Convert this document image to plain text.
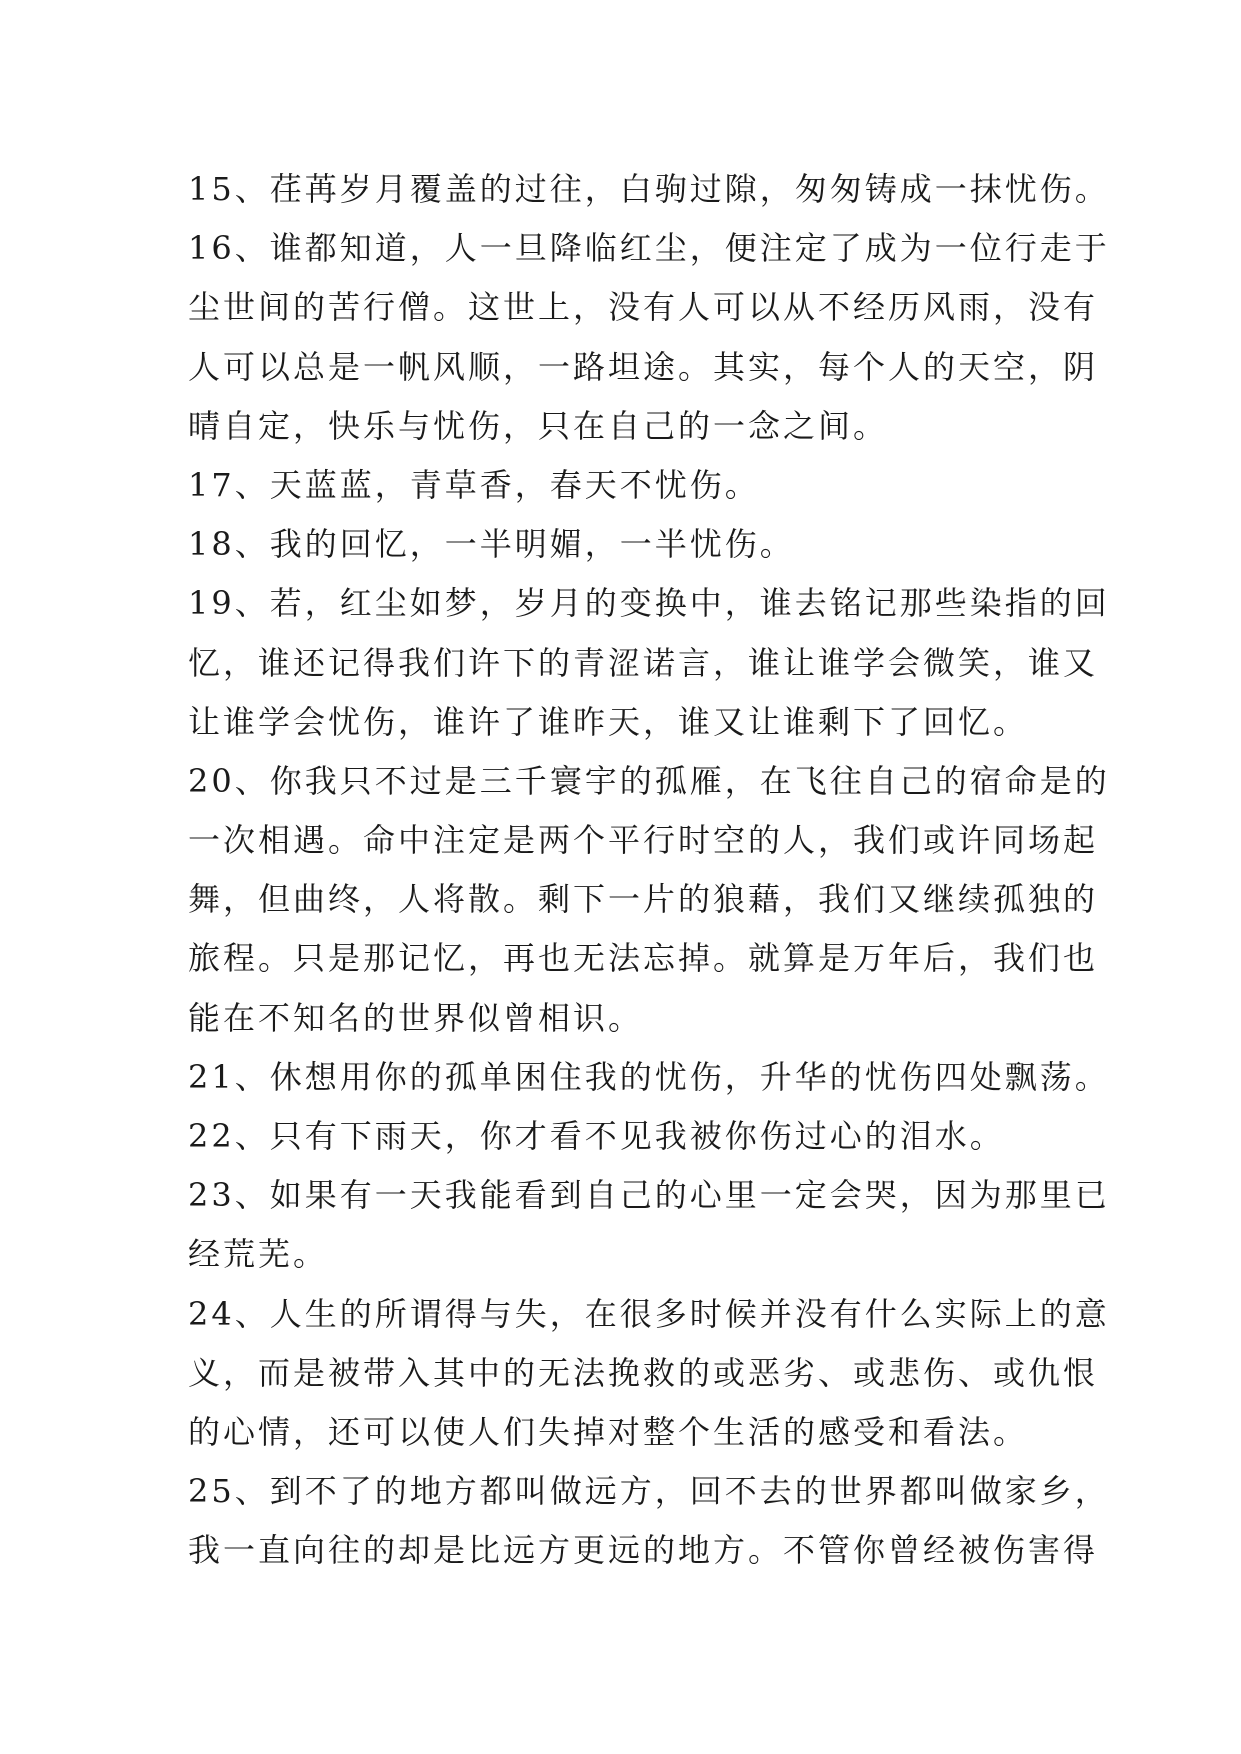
15、荏苒岁月覆盖的过往，白驹过隙，匆匆铸成一抹忧伤。
16、谁都知道，人一旦降临红尘，便注定了成为一位行走于
尘世间的苦行僧。这世上，没有人可以从不经历风雨，没有
人可以总是一帆风顺，一路坦途。其实，每个人的天空，阴
晴自定，快乐与忧伤，只在自己的一念之间。
17、天蓝蓝，青草香，春天不忧伤。
18、我的回忆，一半明媚，一半忧伤。
19、若，红尘如梦，岁月的变换中，谁去铭记那些染指的回
忆，谁还记得我们许下的青涩诺言，谁让谁学会微笑，谁又
让谁学会忧伤，谁许了谁昨天，谁又让谁剩下了回忆。
20、你我只不过是三千寰宇的孤雁，在飞往自己的宿命是的
一次相遇。命中注定是两个平行时空的人，我们或许同场起
舞，但曲终，人将散。剩下一片的狼藉，我们又继续孤独的
旅程。只是那记忆，再也无法忘掉。就算是万年后，我们也
能在不知名的世界似曾相识。
21、休想用你的孤单困住我的忧伤，升华的忧伤四处飘荡。
22、只有下雨天，你才看不见我被你伤过心的泪水。
23、如果有一天我能看到自己的心里一定会哭，因为那里已
经荒芜。
24、人生的所谓得与失，在很多时候并没有什么实际上的意
义，而是被带入其中的无法挽救的或恶劣、或悲伤、或仇恨
的心情，还可以使人们失掉对整个生活的感受和看法。
25、到不了的地方都叫做远方，回不去的世界都叫做家乡，
我一直向往的却是比远方更远的地方。不管你曾经被伤害得
